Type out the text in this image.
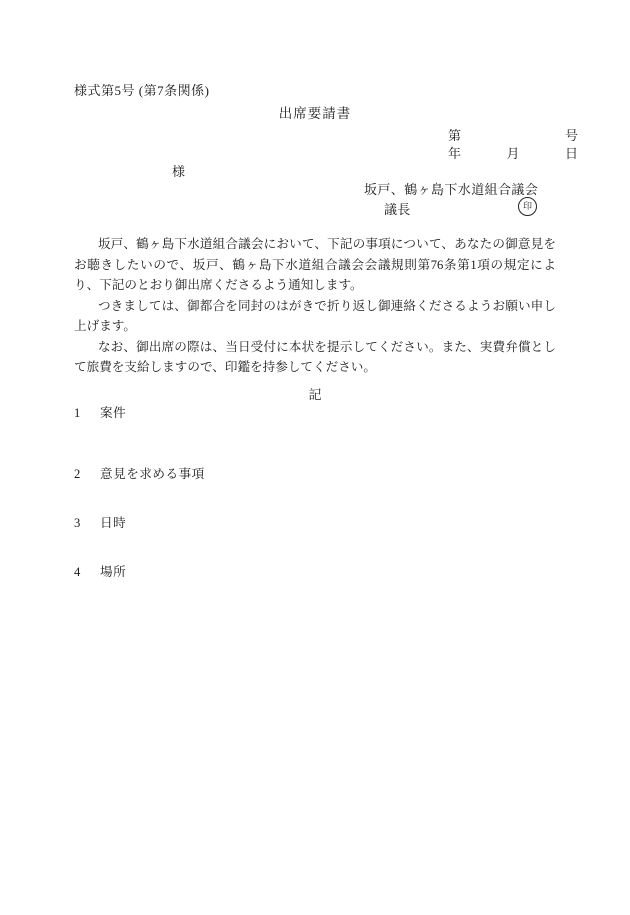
様式第5号 (第7条関係)
出席要請書
第	号
年	月	日
様
坂戸、鶴ヶ島下水道組合議会
議長	印

坂戸、鶴ヶ島下水道組合議会において、下記の事項について、あなたの御意見をお聴きしたいので、坂戸、鶴ヶ島下水道組合議会会議規則第76条第1項の規定により、下記のとおり御出席くださるよう通知します。

つきましては、御都合を同封のはがきで折り返し御連絡くださるようお願い申し上げます。

なお、御出席の際は、当日受付に本状を提示してください。また、実費弁償として旅費を支給しますので、印鑑を持参してください。

記
1	案件
2	意見を求める事項
3	日時
4	場所
